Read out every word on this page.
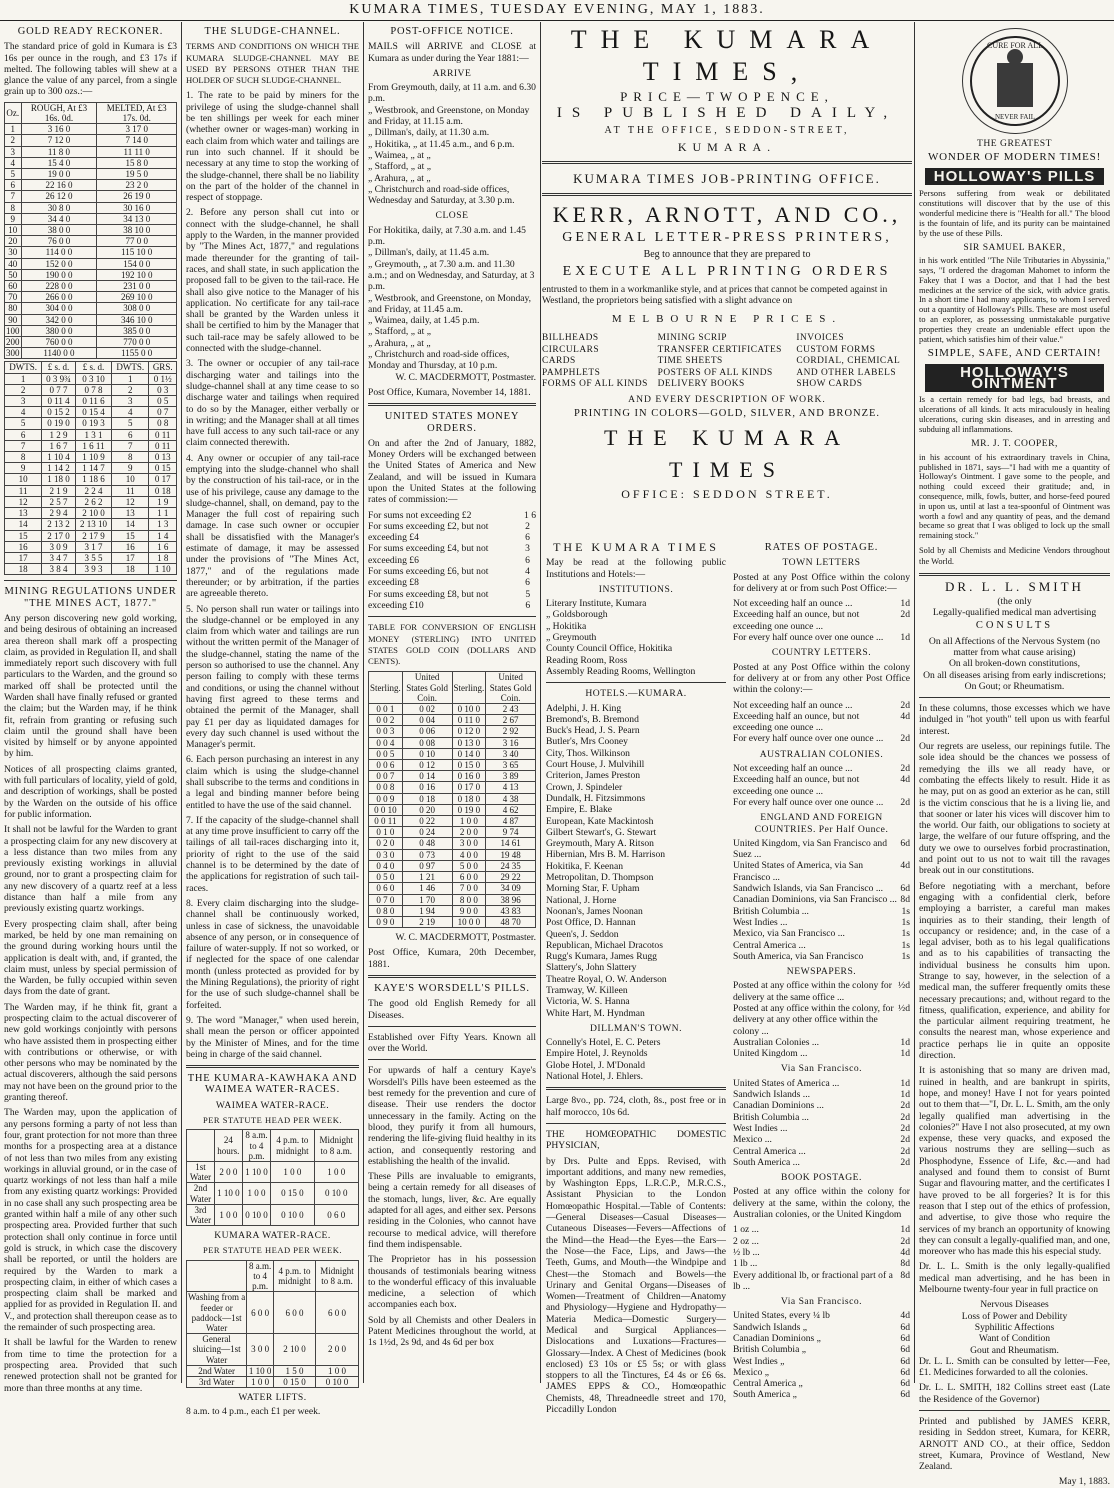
KUMARA TIMES, TUESDAY EVENING, MAY 1, 1883.
GOLD READY RECKONER.

The standard price of gold in Kumara is £3 16s per ounce in the rough, and £3 17s if melted. The following tables will shew at a glance the value of any parcel, from a single grain up to 300 ozs.:—

Oz.	ROUGH, At £3 16s. 0d.	MELTED, At £3 17s. 0d.
1	3 16 0	3 17 0
2	7 12 0	7 14 0
3	11 8 0	11 11 0
4	15 4 0	15 8 0
5	19 0 0	19 5 0
6	22 16 0	23 2 0
7	26 12 0	26 19 0
8	30 8 0	30 16 0
9	34 4 0	34 13 0
10	38 0 0	38 10 0
20	76 0 0	77 0 0
30	114 0 0	115 10 0
40	152 0 0	154 0 0
50	190 0 0	192 10 0
60	228 0 0	231 0 0
70	266 0 0	269 10 0
80	304 0 0	308 0 0
90	342 0 0	346 10 0
100	380 0 0	385 0 0
200	760 0 0	770 0 0
300	1140 0 0	1155 0 0
DWTS.	£ s. d.	£ s. d.	DWTS.	GRS.
1	0 3 9¾	0 3 10	1	0 1½
2	0 7 7	0 7 8	2	0 3
3	0 11 4	0 11 6	3	0 5
4	0 15 2	0 15 4	4	0 7
5	0 19 0	0 19 3	5	0 8
6	1 2 9	1 3 1	6	0 11
7	1 6 7	1 6 11	7	0 11
8	1 10 4	1 10 9	8	0 13
9	1 14 2	1 14 7	9	0 15
10	1 18 0	1 18 6	10	0 17
11	2 1 9	2 2 4	11	0 18
12	2 5 7	2 6 2	12	1 9
13	2 9 4	2 10 0	13	1 1
14	2 13 2	2 13 10	14	1 3
15	2 17 0	2 17 9	15	1 4
16	3 0 9	3 1 7	16	1 6
17	3 4 7	3 5 5	17	1 8
18	3 8 4	3 9 3	18	1 10
MINING REGULATIONS UNDER "THE MINES ACT, 1877."

Any person discovering new gold working, and being desirous of obtaining an increased area thereon shall mark off a prospecting claim, as provided in Regulation II, and shall immediately report such discovery with full particulars to the Warden, and the ground so marked off shall be protected until the Warden shall have finally refused or granted the claim; but the Warden may, if he think fit, refrain from granting or refusing such claim until the ground shall have been visited by himself or by anyone appointed by him.

Notices of all prospecting claims granted, with full particulars of locality, yield of gold, and description of workings, shall be posted by the Warden on the outside of his office for public information.

It shall not be lawful for the Warden to grant a prospecting claim for any new discovery at a less distance than two miles from any previously existing workings in alluvial ground, nor to grant a prospecting claim for any new discovery of a quartz reef at a less distance than half a mile from any previously existing quartz workings.

Every prospecting claim shall, after being marked, be held by one man remaining on the ground during working hours until the application is dealt with, and, if granted, the claim must, unless by special permission of the Warden, be fully occupied within seven days from the date of grant.

The Warden may, if he think fit, grant a prospecting claim to the actual discoverer of new gold workings conjointly with persons who have assisted them in prospecting either with contributions or otherwise, or with other persons who may be nominated by the actual discoverers, although the said persons may not have been on the ground prior to the granting thereof.

The Warden may, upon the application of any persons forming a party of not less than four, grant protection for not more than three months for a prospecting area at a distance of not less than two miles from any existing workings in alluvial ground, or in the case of quartz workings of not less than half a mile from any existing quartz workings: Provided in no case shall any such prospecting area be granted within half a mile of any other such prospecting area. Provided further that such protection shall only continue in force until gold is struck, in which case the discovery shall be reported, or until the holders are required by the Warden to mark a prospecting claim, in either of which cases a prospecting claim shall be marked and applied for as provided in Regulation II. and V., and protection shall thereupon cease as to the remainder of such prospecting area.

It shall be lawful for the Warden to renew from time to time the protection for a prospecting area. Provided that such renewed protection shall not be granted for more than three months at any time.

THE SLUDGE-CHANNEL.

TERMS AND CONDITIONS ON WHICH THE KUMARA SLUDGE-CHANNEL MAY BE USED BY PERSONS OTHER THAN THE HOLDER OF SUCH SLUDGE-CHANNEL.

1. The rate to be paid by miners for the privilege of using the sludge-channel shall be ten shillings per week for each miner (whether owner or wages-man) working in each claim from which water and tailings are run into such channel. If it should be necessary at any time to stop the working of the sludge-channel, there shall be no liability on the part of the holder of the channel in respect of stoppage.

2. Before any person shall cut into or connect with the sludge-channel, he shall apply to the Warden, in the manner provided by "The Mines Act, 1877," and regulations made thereunder for the granting of tail-races, and shall state, in such application the proposed fall to be given to the tail-race. He shall also give notice to the Manager of his application. No certificate for any tail-race shall be granted by the Warden unless it shall be certified to him by the Manager that such tail-race may be safely allowed to be connected with the sludge-channel.

3. The owner or occupier of any tail-race discharging water and tailings into the sludge-channel shall at any time cease to so discharge water and tailings when required to do so by the Manager, either verbally or in writing; and the Manager shall at all times have full access to any such tail-race or any claim connected therewith.

4. Any owner or occupier of any tail-race emptying into the sludge-channel who shall by the construction of his tail-race, or in the use of his privilege, cause any damage to the sludge-channel, shall, on demand, pay to the Manager the full cost of repairing such damage. In case such owner or occupier shall be dissatisfied with the Manager's estimate of damage, it may be assessed under the provisions of "The Mines Act, 1877," and of the regulations made thereunder; or by arbitration, if the parties are agreeable thereto.

5. No person shall run water or tailings into the sludge-channel or be employed in any claim from which water and tailings are run without the written permit of the Manager of the sludge-channel, stating the name of the person so authorised to use the channel. Any person failing to comply with these terms and conditions, or using the channel without having first agreed to these terms and obtained the permit of the Manager, shall pay £1 per day as liquidated damages for every day such channel is used without the Manager's permit.

6. Each person purchasing an interest in any claim which is using the sludge-channel shall subscribe to the terms and conditions in a legal and binding manner before being entitled to have the use of the said channel.

7. If the capacity of the sludge-channel shall at any time prove insufficient to carry off the tailings of all tail-races discharging into it, priority of right to the use of the said channel is to be determined by the date of the applications for registration of such tail-races.

8. Every claim discharging into the sludge-channel shall be continuously worked, unless in case of sickness, the unavoidable absence of any person, or in consequence of failure of water-supply. If not so worked, or if neglected for the space of one calendar month (unless protected as provided for by the Mining Regulations), the priority of right for the use of such sludge-channel shall be forfeited.

9. The word "Manager," when used herein, shall mean the person or officer appointed by the Minister of Mines, and for the time being in charge of the said channel.

THE KUMARA-KAWHAKA AND WAIMEA WATER-RACES.
WAIMEA WATER-RACE.
PER STATUTE HEAD PER WEEK.
	24 hours.	8 a.m. to 4 p.m.	4 p.m. to midnight	Midnight to 8 a.m.
1st Water	2 0 0	1 10 0	1 0 0	1 0 0
2nd Water	1 10 0	1 0 0	0 15 0	0 10 0
3rd Water	1 0 0	0 10 0	0 10 0	0 6 0
KUMARA WATER-RACE.
PER STATUTE HEAD PER WEEK.
	8 a.m. to 4 p.m.	4 p.m. to midnight	Midnight to 8 a.m.
Washing from a feeder or paddock—1st Water	6 0 0	6 0 0	6 0 0
General sluicing—1st Water	3 0 0	2 10 0	2 0 0
2nd Water	1 10 0	1 5 0	1 0 0
3rd Water	1 0 0	0 15 0	0 10 0
WATER LIFTS.

8 a.m. to 4 p.m., each £1 per week.

POST-OFFICE NOTICE.

MAILS will ARRIVE and CLOSE at Kumara as under during the Year 1881:—

ARRIVE
From Greymouth, daily, at 11 a.m. and 6.30 p.m.
„ Westbrook, and Greenstone, on Monday and Friday, at 11.15 a.m.
„ Dillman's, daily, at 11.30 a.m.
„ Hokitika, „ at 11.45 a.m., and 6 p.m.
„ Waimea, „ at „
„ Stafford, „ at „
„ Arahura, „ at „
„ Christchurch and road-side offices, Wednesday and Saturday, at 3.30 p.m.
CLOSE
For Hokitika, daily, at 7.30 a.m. and 1.45 p.m.
„ Dillman's, daily, at 11.45 a.m.
„ Greymouth, „ at 7.30 a.m. and 11.30 a.m.; and on Wednesday, and Saturday, at 3 p.m.
„ Westbrook, and Greenstone, on Monday, and Friday, at 11.45 a.m.
„ Waimea, daily, at 1.45 p.m.
„ Stafford, „ at „
„ Arahura, „ at „
„ Christchurch and road-side offices, Monday and Thursday, at 10 p.m.

W. C. MACDERMOTT, Postmaster.

Post Office, Kumara, November 14, 1881.

UNITED STATES MONEY ORDERS.

On and after the 2nd of January, 1882, Money Orders will be exchanged between the United States of America and New Zealand, and will be issued in Kumara upon the United States at the following rates of commission:—

For sums not exceeding £2	1 6
For sums exceeding £2, but not exceeding £4
2 6
For sums exceeding £4, but not exceeding £6
3 6
For sums exceeding £6, but not exceeding £8
4 6
For sums exceeding £8, but not exceeding £10
5 6

TABLE FOR CONVERSION OF ENGLISH MONEY (STERLING) INTO UNITED STATES GOLD COIN (DOLLARS AND CENTS).

Sterling.	United States Gold Coin.	Sterling.	United States Gold Coin.
0 0 1	0 02	0 10 0	2 43
0 0 2	0 04	0 11 0	2 67
0 0 3	0 06	0 12 0	2 92
0 0 4	0 08	0 13 0	3 16
0 0 5	0 10	0 14 0	3 40
0 0 6	0 12	0 15 0	3 65
0 0 7	0 14	0 16 0	3 89
0 0 8	0 16	0 17 0	4 13
0 0 9	0 18	0 18 0	4 38
0 0 10	0 20	0 19 0	4 62
0 0 11	0 22	1 0 0	4 87
0 1 0	0 24	2 0 0	9 74
0 2 0	0 48	3 0 0	14 61
0 3 0	0 73	4 0 0	19 48
0 4 0	0 97	5 0 0	24 35
0 5 0	1 21	6 0 0	29 22
0 6 0	1 46	7 0 0	34 09
0 7 0	1 70	8 0 0	38 96
0 8 0	1 94	9 0 0	43 83
0 9 0	2 19	10 0 0	48 70

W. C. MACDERMOTT, Postmaster.

Post Office, Kumara, 20th December, 1881.

KAYE'S WORSDELL'S PILLS.

The good old English Remedy for all Diseases.

Established over Fifty Years. Known all over the World.

For upwards of half a century Kaye's Worsdell's Pills have been esteemed as the best remedy for the prevention and cure of disease. Their use renders the doctor unnecessary in the family. Acting on the blood, they purify it from all humours, rendering the life-giving fluid healthy in its action, and consequently restoring and establishing the health of the invalid.

These Pills are invaluable to emigrants, being a certain remedy for all diseases of the stomach, lungs, liver, &c. Are equally adapted for all ages, and either sex. Persons residing in the Colonies, who cannot have recourse to medical advice, will therefore find them indispensable.

The Proprietor has in his possession thousands of testimonials bearing witness to the wonderful efficacy of this invaluable medicine, a selection of which accompanies each box.

Sold by all Chemists and other Dealers in Patent Medicines throughout the world, at 1s 1½d, 2s 9d, and 4s 6d per box

THE KUMARA TIMES,
PRICE—TWOPENCE,
IS PUBLISHED DAILY,
AT THE OFFICE, SEDDON-STREET,
KUMARA.
KUMARA TIMES JOB-PRINTING OFFICE.
KERR, ARNOTT, AND CO.,
GENERAL LETTER-PRESS PRINTERS,
Beg to announce that they are prepared to
EXECUTE ALL PRINTING ORDERS

entrusted to them in a workmanlike style, and at prices that cannot be competed against in Westland, the proprietors being satisfied with a slight advance on

MELBOURNE PRICES.
BILLHEADS
CIRCULARS
CARDS
PAMPHLETS
FORMS OF ALL KINDS
MINING SCRIP
TRANSFER CERTIFICATES
TIME SHEETS
POSTERS OF ALL KINDS
DELIVERY BOOKS
INVOICES
CUSTOM FORMS
CORDIAL, CHEMICAL
AND OTHER LABELS
SHOW CARDS
AND EVERY DESCRIPTION OF WORK.
PRINTING IN COLORS—GOLD, SILVER, AND BRONZE.
THE KUMARA TIMES
OFFICE: SEDDON STREET.
THE KUMARA TIMES

May be read at the following public Institutions and Hotels:—

INSTITUTIONS.
Literary Institute, Kumara
„ Goldsborough
„ Hokitika
„ Greymouth
County Council Office, Hokitika
Reading Room, Ross
Assembly Reading Rooms, Wellington
HOTELS.—KUMARA.
Adelphi, J. H. King
Bremond's, B. Bremond
Buck's Head, J. S. Pearn
Butler's, Mrs Cooney
City, Thos. Wilkinson
Court House, J. Mulvihill
Criterion, James Preston
Crown, J. Spindeler
Dundalk, H. Fitzsimmons
Empire, E. Blake
European, Kate Mackintosh
Gilbert Stewart's, G. Stewart
Greymouth, Mary A. Ritson
Hibernian, Mrs B. M. Harrison
Hokitika, F. Keenan
Metropolitan, D. Thompson
Morning Star, F. Upham
National, J. Horne
Noonan's, James Noonan
Post Office, D. Hannan
Queen's, J. Seddon
Republican, Michael Dracotos
Rugg's Kumara, James Rugg
Slattery's, John Slattery
Theatre Royal, O. W. Anderson
Tramway, W. Killeen
Victoria, W. S. Hanna
White Hart, M. Hyndman
DILLMAN'S TOWN.
Connelly's Hotel, E. C. Peters
Empire Hotel, J. Reynolds
Globe Hotel, J. M'Donald
National Hotel, J. Ehlers.

Large 8vo., pp. 724, cloth, 8s., post free or in half morocco, 10s 6d.

THE HOMŒOPATHIC DOMESTIC PHYSICIAN,

by Drs. Pulte and Epps. Revised, with important additions, and many new remedies, by Washington Epps, L.R.C.P., M.R.C.S., Assistant Physician to the London Homœopathic Hospital.—Table of Contents:—General Diseases—Casual Diseases—Cutaneous Diseases—Fevers—Affections of the Mind—the Head—the Eyes—the Ears—the Nose—the Face, Lips, and Jaws—the Teeth, Gums, and Mouth—the Windpipe and Chest—the Stomach and Bowels—the Urinary and Genital Organs—Diseases of Women—Treatment of Children—Anatomy and Physiology—Hygiene and Hydropathy—Materia Medica—Domestic Surgery—Medical and Surgical Appliances—Dislocations and Luxations—Fractures—Glossary—Index. A Chest of Medicines (book enclosed) £3 10s or £5 5s; or with glass stoppers to all the Tinctures, £4 4s or £6 6s. JAMES EPPS & CO., Homœopathic Chemists, 48, Threadneedle street and 170, Piccadilly London

RATES OF POSTAGE.
TOWN LETTERS

Posted at any Post Office within the colony for delivery at or from such Post Office:—

Not exceeding half an ounce ...	1d
Exceeding half an ounce, but not exceeding one ounce ...
2d
For every half ounce over one ounce ... 1d
COUNTRY LETTERS.

Posted at any Post Office within the colony for delivery at or from any other Post Office within the colony:—

Not exceeding half an ounce ...	2d
Exceeding half an ounce, but not exceeding one ounce ...
4d
For every half ounce over one ounce ... 2d
AUSTRALIAN COLONIES.
Not exceeding half an ounce ...	2d
Exceeding half an ounce, but not exceeding one ounce ...
4d
For every half ounce over one ounce ... 2d
ENGLAND AND FOREIGN COUNTRIES. Per Half Ounce.
United Kingdom, via San Francisco and Suez ...
6d
United States of America, via San Francisco ...
4d
Sandwich Islands, via San Francisco ... 6d
Canadian Dominions, via San Francisco ... 8d
British Columbia ...	1s
West Indies ...	1s
Mexico, via San Francisco ...	1s
Central America ...	1s
South America, via San Francisco	1s
NEWSPAPERS.
Posted at any office within the colony for delivery at the same office ...
½d
Posted at any office within the colony, for delivery at any other office within the colony ...
½d
Australian Colonies ...	1d
United Kingdom ...	1d
Via San Francisco.
United States of America ...	1d
Sandwich Islands ...	1d
Canadian Dominions ...	2d
British Columbia ...	2d
West Indies ...	2d
Mexico ...	2d
Central America ...	2d
South America ...	2d
BOOK POSTAGE.

Posted at any office within the colony for delivery at the same, within the colony, the Australian colonies, or the United Kingdom

1 oz ...	1d
2 oz ...	2d
½ lb ...	4d
1 lb ...	8d
Every additional lb, or fractional part of a lb ...
8d
Via San Francisco.
United States, every ¼ lb	4d
Sandwich Islands „	6d
Canadian Dominions „	6d
British Columbia „	6d
West Indies „	6d
Mexico „	6d
Central America „	6d
South America „	6d
CURE FOR ALL
NEVER FAIL
THE GREATEST
WONDER OF MODERN TIMES!
HOLLOWAY'S PILLS

Persons suffering from weak or debilitated constitutions will discover that by the use of this wonderful medicine there is "Health for all." The blood is the fountain of life, and its purity can be maintained by the use of these Pills.

SIR SAMUEL BAKER,

in his work entitled "The Nile Tributaries in Abyssinia," says, "I ordered the dragoman Mahomet to inform the Fakey that I was a Doctor, and that I had the best medicines at the service of the sick, with advice gratis. In a short time I had many applicants, to whom I served out a quantity of Holloway's Pills. These are most useful to an explorer, as possessing unmistakable purgative properties they create an undeniable effect upon the patient, which satisfies him of their value."

SIMPLE, SAFE, AND CERTAIN!
HOLLOWAY'S OINTMENT

Is a certain remedy for bad legs, bad breasts, and ulcerations of all kinds. It acts miraculously in healing ulcerations, curing skin diseases, and in arresting and subduing all inflammations.

MR. J. T. COOPER,

in his account of his extraordinary travels in China, published in 1871, says—"I had with me a quantity of Holloway's Ointment. I gave some to the people, and nothing could exceed their gratitude; and, in consequence, milk, fowls, butter, and horse-feed poured in upon us, until at last a tea-spoonful of Ointment was worth a fowl and any quantity of peas, and the demand became so great that I was obliged to lock up the small remaining stock."

Sold by all Chemists and Medicine Vendors throughout the World.

DR. L. L. SMITH
(the only
Legally-qualified medical man advertising
CONSULTS
On all Affections of the Nervous System (no matter from what cause arising)
On all broken-down constitutions,
On all diseases arising from early indiscretions;
On Gout; or Rheumatism.

In these columns, those excesses which we have indulged in "hot youth" tell upon us with fearful interest.

Our regrets are useless, our repinings futile. The sole idea should be the chances we possess of remedying the ills we all ready have, or combating the effects likely to result. Hide it as he may, put on as good an exterior as he can, still is the victim conscious that he is a living lie, and that sooner or later his vices will discover him to the world. Our faith, our obligations to society at large, the welfare of our future offspring, and the duty we owe to ourselves forbid procrastination, and point out to us not to wait till the ravages break out in our constitutions.

Before negotiating with a merchant, before engaging with a confidential clerk, before employing a barrister, a careful man makes inquiries as to their standing, their length of occupancy or residence; and, in the case of a legal adviser, both as to his legal qualifications and as to his capabilities of transacting the individual business he consults him upon. Strange to say, however, in the selection of a medical man, the sufferer frequently omits these necessary precautions; and, without regard to the fitness, qualification, experience, and ability for the particular ailment requiring treatment, he consults the nearest man, whose experience and practice perhaps lie in quite an opposite direction.

It is astonishing that so many are driven mad, ruined in health, and are bankrupt in spirits, hope, and money! Have I not for years pointed out to them that—"I, Dr. L. L. Smith, am the only legally qualified man advertising in the colonies?" Have I not also prosecuted, at my own expense, these very quacks, and exposed the various nostrums they are selling—such as Phosphodyne, Essence of Life, &c.—and had analysed and found them to consist of Burnt Sugar and flavouring matter, and the certificates I have proved to be all forgeries? It is for this reason that I step out of the ethics of profession, and advertise, to give those who require the services of my branch an opportunity of knowing they can consult a legally-qualified man, and one, moreover who has made this his especial study.

Dr. L. L. Smith is the only legally-qualified medical man advertising, and he has been in Melbourne twenty-four year in full practice on

Nervous Diseases
Loss of Power and Debility
Syphilitic Affections
Want of Condition
Gout and Rheumatism.

Dr. L. L. Smith can be consulted by letter—Fee, £1. Medicines forwarded to all the colonies.

Dr. L. L. SMITH, 182 Collins street east (Late the Residence of the Governor)

Printed and published by JAMES KERR, residing in Seddon street, Kumara, for KERR, ARNOTT AND CO., at their office, Seddon street, Kumara, Province of Westland, New Zealand.

May 1, 1883.
